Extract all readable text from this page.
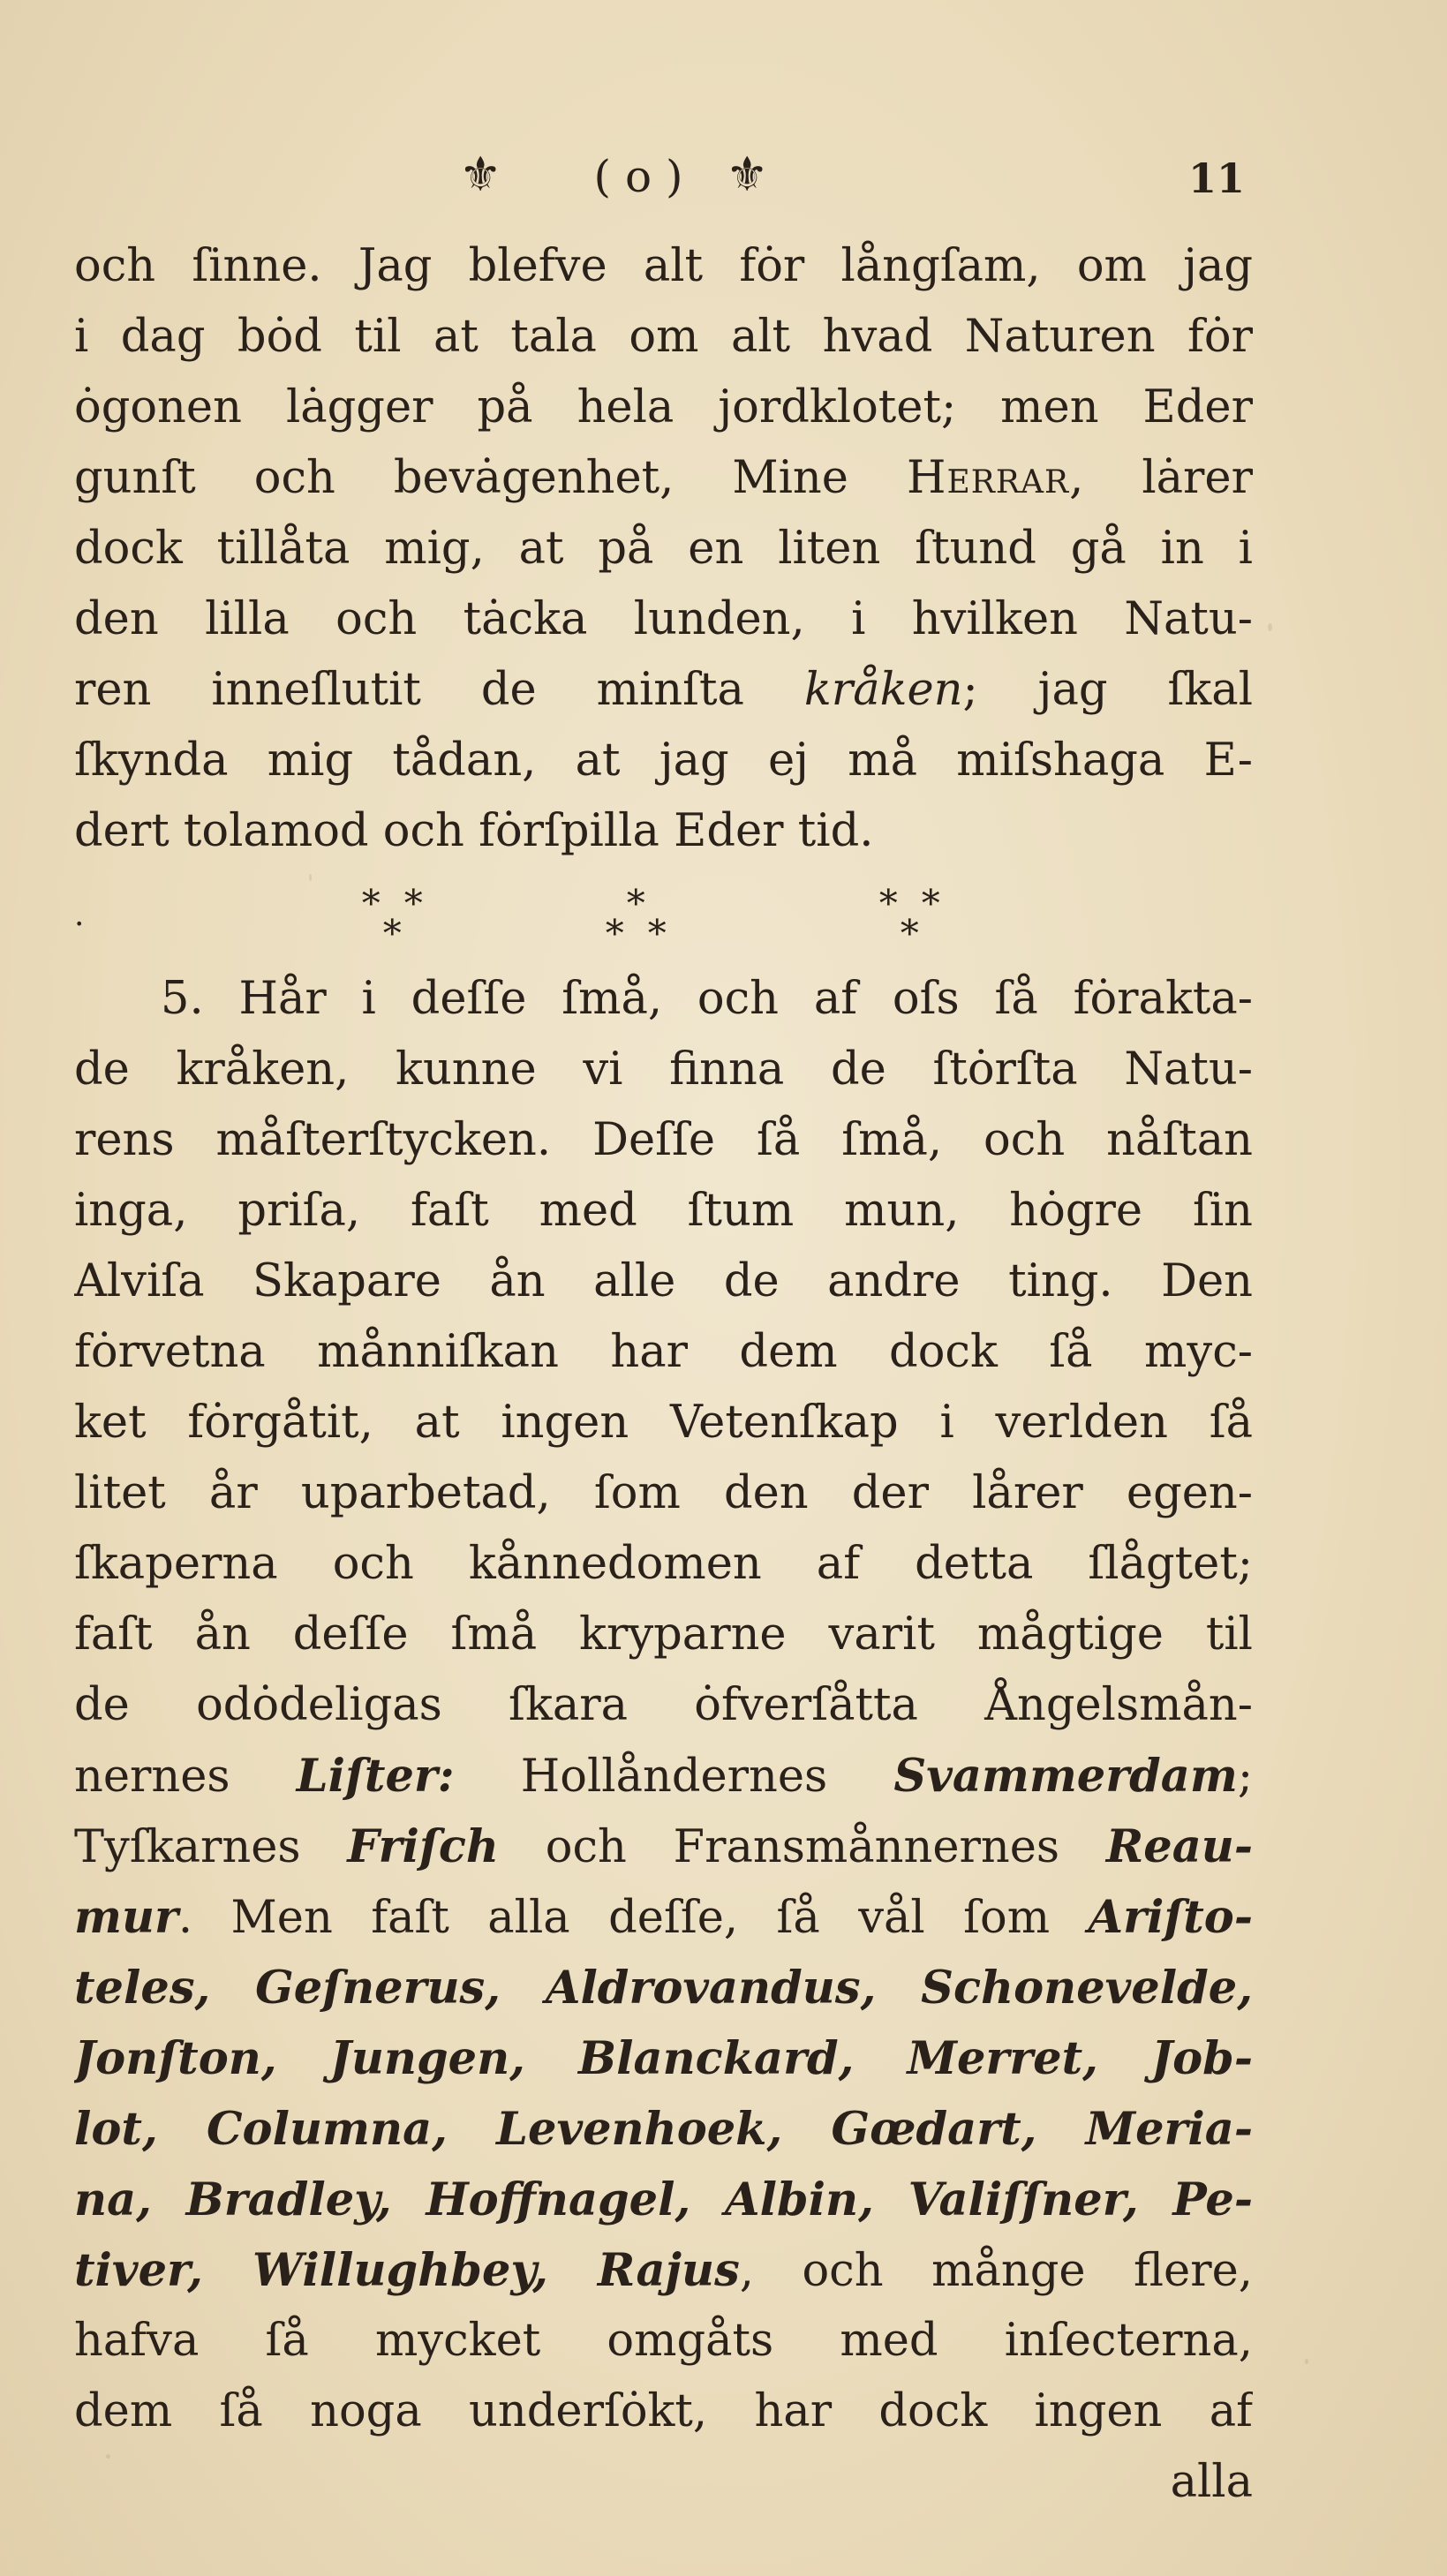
⚜	( o ) ⚜	11
och ſinne. Jag blefve alt fȯr långſam, om jag
i dag bȯd til at tala om alt hvad Naturen fȯr
ȯgonen lȧgger på hela jordklotet; men Eder
gunſt och bevȧgenhet, Mine Herrar, lȧrer
dock tillåta mig, at på en liten ſtund gå in i
den lilla och tȧcka lunden, i hvilken Natu-
ren inneſlutit de minſta kråken; jag ſkal
ſkynda mig tådan, at jag ej må miſshaga E-
dert tolamod och fȯrſpilla Eder tid.
∗ ∗
∗
∗
∗ ∗
∗ ∗
∗
·
5. Hår i deſſe ſmå, och af oſs ſå fȯrakta-
de kråken, kunne vi finna de ſtȯrſta Natu-
rens måſterſtycken. Deſſe ſå ſmå, och nåſtan
inga, priſa, faſt med ſtum mun, hȯgre ſin
Alviſa Skapare ån alle de andre ting. Den
fȯrvetna månniſkan har dem dock ſå myc-
ket fȯrgåtit, at ingen Vetenſkap i verlden ſå
litet år uparbetad, ſom den der lårer egen-
ſkaperna och kånnedomen af detta ſlågtet;
faſt ån deſſe ſmå kryparne varit mågtige til
de odȯdeligas ſkara ȯfverſåtta Ångelsmån-
nernes Liſter: Hollåndernes Svammerdam;
Tyſkarnes Friſch och Fransmånnernes Reau-
mur. Men faſt alla deſſe, ſå vål ſom Ariſto-
teles, Geſnerus, Aldrovandus, Schonevelde,
Jonſton, Jungen, Blanckard, Merret, Job-
lot, Columna, Levenhoek, Gœdart, Meria-
na, Bradley, Hoffnagel, Albin, Valiſſner, Pe-
tiver, Willughbey, Rajus, och månge flere,
hafva ſå mycket omgåts med inſecterna,
dem ſå noga underſȯkt, har dock ingen af
alla
